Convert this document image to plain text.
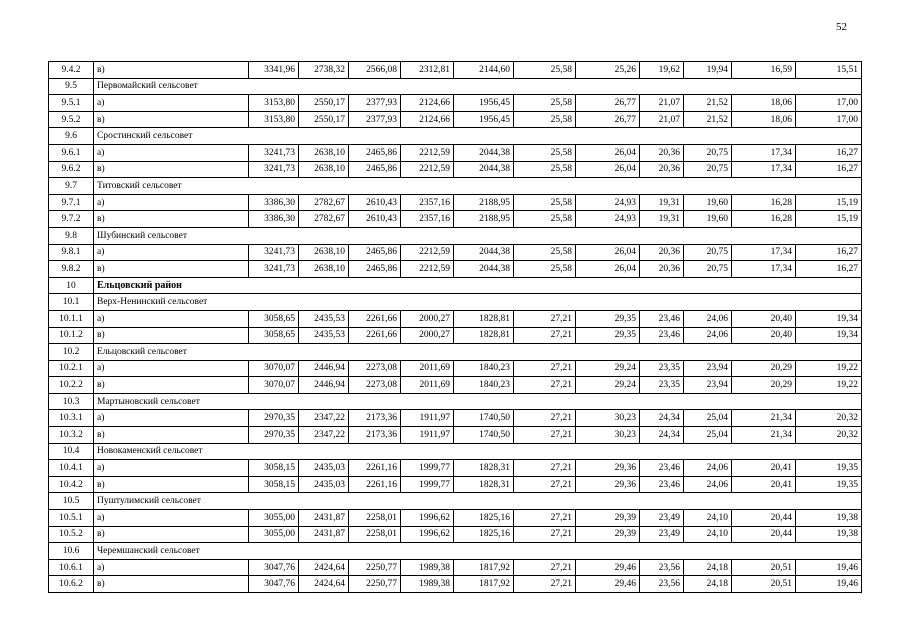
52
9.4.2	в)	3341,96	2738,32	2566,08	2312,81	2144,60	25,58	25,26	19,62	19,94	16,59	15,51
9.5	Первомайский сельсовет											
9.5.1	а)	3153,80	2550,17	2377,93	2124,66	1956,45	25,58	26,77	21,07	21,52	18,06	17,00
9.5.2	в)	3153,80	2550,17	2377,93	2124,66	1956,45	25,58	26,77	21,07	21,52	18,06	17,00
9.6	Сростинский сельсовет											
9.6.1	а)	3241,73	2638,10	2465,86	2212,59	2044,38	25,58	26,04	20,36	20,75	17,34	16,27
9.6.2	в)	3241,73	2638,10	2465,86	2212,59	2044,38	25,58	26,04	20,36	20,75	17,34	16,27
9.7	Титовский сельсовет											
9.7.1	а)	3386,30	2782,67	2610,43	2357,16	2188,95	25,58	24,93	19,31	19,60	16,28	15,19
9.7.2	в)	3386,30	2782,67	2610,43	2357,16	2188,95	25,58	24,93	19,31	19,60	16,28	15,19
9.8	Шубинский сельсовет											
9.8.1	а)	3241,73	2638,10	2465,86	2212,59	2044,38	25,58	26,04	20,36	20,75	17,34	16,27
9.8.2	в)	3241,73	2638,10	2465,86	2212,59	2044,38	25,58	26,04	20,36	20,75	17,34	16,27
10	Ельцовский район											
10.1	Верх-Ненинский сельсовет											
10.1.1	а)	3058,65	2435,53	2261,66	2000,27	1828,81	27,21	29,35	23,46	24,06	20,40	19,34
10.1.2	в)	3058,65	2435,53	2261,66	2000,27	1828,81	27,21	29,35	23,46	24,06	20,40	19,34
10.2	Ельцовский сельсовет											
10.2.1	а)	3070,07	2446,94	2273,08	2011,69	1840,23	27,21	29,24	23,35	23,94	20,29	19,22
10.2.2	в)	3070,07	2446,94	2273,08	2011,69	1840,23	27,21	29,24	23,35	23,94	20,29	19,22
10.3	Мартыновский сельсовет											
10.3.1	а)	2970,35	2347,22	2173,36	1911,97	1740,50	27,21	30,23	24,34	25,04	21,34	20,32
10.3.2	в)	2970,35	2347,22	2173,36	1911,97	1740,50	27,21	30,23	24,34	25,04	21,34	20,32
10.4	Новокаменский сельсовет											
10.4.1	а)	3058,15	2435,03	2261,16	1999,77	1828,31	27,21	29,36	23,46	24,06	20,41	19,35
10.4.2	в)	3058,15	2435,03	2261,16	1999,77	1828,31	27,21	29,36	23,46	24,06	20,41	19,35
10.5	Пуштулимский сельсовет											
10.5.1	а)	3055,00	2431,87	2258,01	1996,62	1825,16	27,21	29,39	23,49	24,10	20,44	19,38
10.5.2	в)	3055,00	2431,87	2258,01	1996,62	1825,16	27,21	29,39	23,49	24,10	20,44	19,38
10.6	Черемшанский сельсовет											
10.6.1	а)	3047,76	2424,64	2250,77	1989,38	1817,92	27,21	29,46	23,56	24,18	20,51	19,46
10.6.2	в)	3047,76	2424,64	2250,77	1989,38	1817,92	27,21	29,46	23,56	24,18	20,51	19,46
